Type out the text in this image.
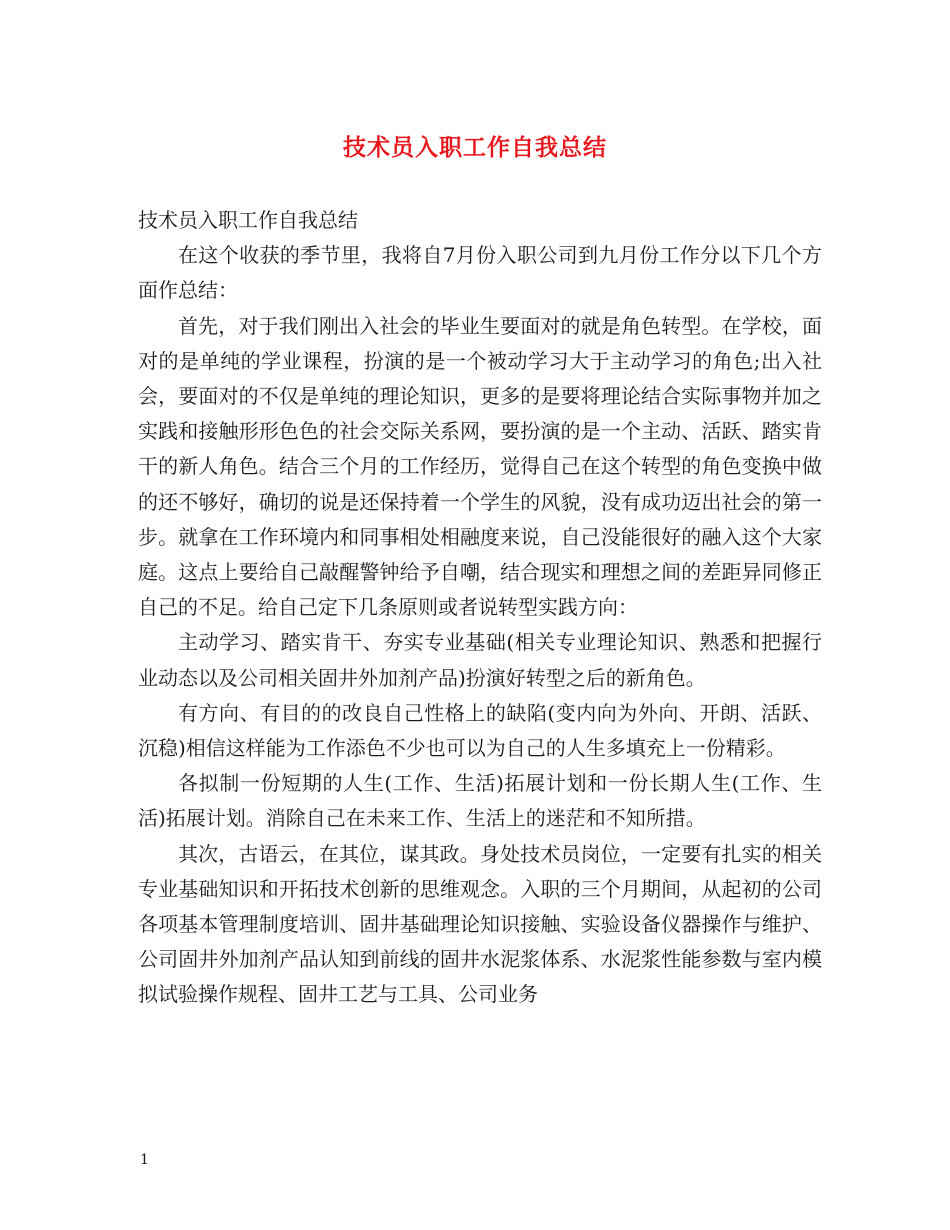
技术员入职工作自我总结

技术员入职工作自我总结

在这个收获的季节里，我将自7月份入职公司到九月份工作分以下几个方面作总结：

首先，对于我们刚出入社会的毕业生要面对的就是角色转型。在学校，面对的是单纯的学业课程，扮演的是一个被动学习大于主动学习的角色;出入社会，要面对的不仅是单纯的理论知识，更多的是要将理论结合实际事物并加之实践和接触形形色色的社会交际关系网，要扮演的是一个主动、活跃、踏实肯干的新人角色。结合三个月的工作经历，觉得自己在这个转型的角色变换中做的还不够好，确切的说是还保持着一个学生的风貌，没有成功迈出社会的第一步。就拿在工作环境内和同事相处相融度来说，自己没能很好的融入这个大家庭。这点上要给自己敲醒警钟给予自嘲，结合现实和理想之间的差距异同修正自己的不足。给自己定下几条原则或者说转型实践方向：

主动学习、踏实肯干、夯实专业基础(相关专业理论知识、熟悉和把握行业动态以及公司相关固井外加剂产品)扮演好转型之后的新角色。

有方向、有目的的改良自己性格上的缺陷(变内向为外向、开朗、活跃、沉稳)相信这样能为工作添色不少也可以为自己的人生多填充上一份精彩。

各拟制一份短期的人生(工作、生活)拓展计划和一份长期人生(工作、生活)拓展计划。消除自己在未来工作、生活上的迷茫和不知所措。

其次，古语云，在其位，谋其政。身处技术员岗位，一定要有扎实的相关专业基础知识和开拓技术创新的思维观念。入职的三个月期间，从起初的公司各项基本管理制度培训、固井基础理论知识接触、实验设备仪器操作与维护、公司固井外加剂产品认知到前线的固井水泥浆体系、水泥浆性能参数与室内模拟试验操作规程、固井工艺与工具、公司业务

1
